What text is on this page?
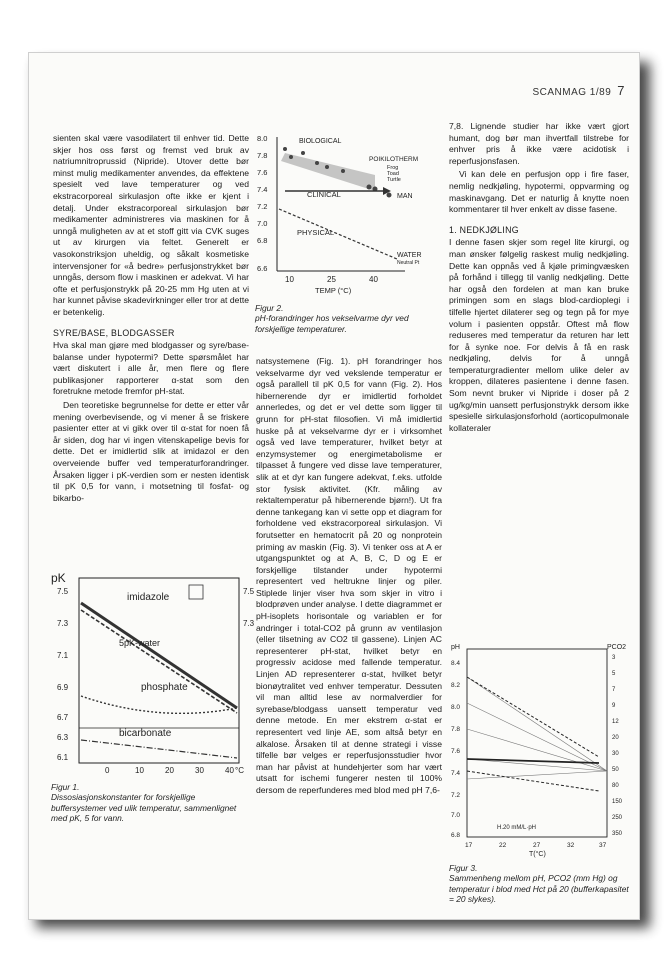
SCANMAG 1/89 7

sienten skal være vasodilatert til enhver tid. Dette skjer hos oss først og fremst ved bruk av natriumnitroprussid (Nipride). Utover dette bør minst mulig medikamenter anvendes, da effektene spesielt ved lave temperaturer og ved ekstracorporeal sirkulasjon ofte ikke er kjent i detalj. Under ekstracorporeal sirkulasjon bør medikamenter administreres via maskinen for å unngå muligheten av at et stoff gitt via CVK suges ut av kirurgen via feltet. Generelt er vasokonstriksjon uheldig, og såkalt kosmetiske intervensjoner for «å bedre» perfusjonstrykket bør unngås, dersom flow i maskinen er adekvat. Vi har ofte et perfusjonstrykk på 20-25 mm Hg uten at vi har kunnet påvise skadevirkninger eller tror at dette er betenkelig.

SYRE/BASE, BLODGASSER

Hva skal man gjøre med blodgasser og syre/base-balanse under hypotermi? Dette spørsmålet har vært diskutert i alle år, men flere og flere publikasjoner rapporterer α-stat som den foretrukne metode fremfor pH-stat.

Den teoretiske begrunnelse for dette er etter vår mening overbevisende, og vi mener å se friskere pasienter etter at vi gikk over til α-stat for noen få år siden, dog har vi ingen vitenskapelige bevis for dette. Det er imidlertid slik at imidazol er den overveiende buffer ved temperaturforandringer. Årsaken ligger i pK-verdien som er nesten identisk til pK 0,5 for vann, i motsetning til fosfat- og bikarbo-

pK
7.5
7.3
7.1
6.9
6.7
6.3
6.1
7.5
7.3
0	10	20	30	40 °C
imidazole
5pK-water
phosphate
bicarbonate
Figur 1.
Dissosiasjonskonstanter for forskjellige buffersystemer ved ulik temperatur, sammenlignet med pK, 5 for vann.
8.0
7.8
7.6
7.4
7.2
7.0
6.8
6.6
10	25	40
TEMP (°C)
BIOLOGICAL
POIKILOTHERM
Frog
Toad
Turtle
CLINICAL	MAN
PHYSICAL
WATER
Neutral Pt
Figur 2.
pH-forandringer hos vekselvarme dyr ved forskjellige temperaturer.

natsystemene (Fig. 1). pH forandringer hos vekselvarme dyr ved vekslende temperatur er også parallell til pK 0,5 for vann (Fig. 2). Hos hibernerende dyr er imidlertid forholdet annerledes, og det er vel dette som ligger til grunn for pH-stat filosofien. Vi må imidlertid huske på at vekselvarme dyr er i virksomhet også ved lave temperaturer, hvilket betyr at enzymsystemer og energimetabolisme er tilpasset å fungere ved disse lave temperaturer, slik at et dyr kan fungere adekvat, f.eks. utfolde stor fysisk aktivitet. (Kfr. måling av rektaltemperatur på hibernerende bjørn!). Ut fra denne tankegang kan vi sette opp et diagram for forholdene ved ekstracorporeal sirkulasjon. Vi forutsetter en hematocrit på 20 og nonprotein priming av maskin (Fig. 3). Vi tenker oss at A er utgangspunktet og at A, B, C, D og E er forskjellige tilstander under hypotermi representert ved heltrukne linjer og piler. Stiplede linjer viser hva som skjer in vitro i blodprøven under analyse. I dette diagrammet er pH-isoplets horisontale og variablen er for andringer i total-CO2 på grunn av ventilasjon (eller tilsetning av CO2 til gassene). Linjen AC representerer pH-stat, hvilket betyr en progressiv acidose med fallende temperatur. Linjen AD representerer α-stat, hvilket betyr bionøytralitet ved enhver temperatur. Dessuten vil man alltid lese av normalverdier for syrebase/blodgass uansett temperatur ved denne metode. En mer ekstrem α-stat er representert ved linje AE, som altså betyr en alkalose. Årsaken til at denne strategi i visse tilfelle bør velges er reperfusjonsstudier hvor man har påvist at hundehjerter som har vært utsatt for ischemi fungerer nesten til 100% dersom de reperfunderes med blod med pH 7,6-

7,8. Lignende studier har ikke vært gjort humant, dog bør man ihvertfall tilstrebe for enhver pris å ikke være acidotisk i reperfusjonsfasen.

Vi kan dele en perfusjon opp i fire faser, nemlig nedkjøling, hypotermi, oppvarming og maskinavgang. Det er naturlig å knytte noen kommentarer til hver enkelt av disse fasene.

1. NEDKJØLING

I denne fasen skjer som regel lite kirurgi, og man ønsker følgelig raskest mulig nedkjøling. Dette kan oppnås ved å kjøle primingvæsken på forhånd i tillegg til vanlig nedkjøling. Dette har også den fordelen at man kan bruke primingen som en slags blod-cardioplegi i tilfelle hjertet dilaterer seg og tegn på for mye volum i pasienten oppstår. Oftest må flow reduseres med temperatur da returen har lett for å synke noe. For delvis å få en rask nedkjøling, delvis for å unngå temperaturgradienter mellom ulike deler av kroppen, dilateres pasientene i denne fasen. Som nevnt bruker vi Nipride i doser på 2 ug/kg/min uansett perfusjonstrykk dersom ikke spesielle sirkulasjonsforhold (aorticopulmonale kollateraler

pH	PCO2
8.4
8.2
8.0
7.8
7.6
7.4
7.2
7.0
6.8
3
5
7
9
12
20
30
50
80
150
250
350
17	22	27	32	37
T(°C)
H.20 mM/L·pH
Figur 3.
Sammenheng mellom pH, PCO2 (mm Hg) og temperatur i blod med Hct på 20 (bufferkapasitet = 20 slykes).
